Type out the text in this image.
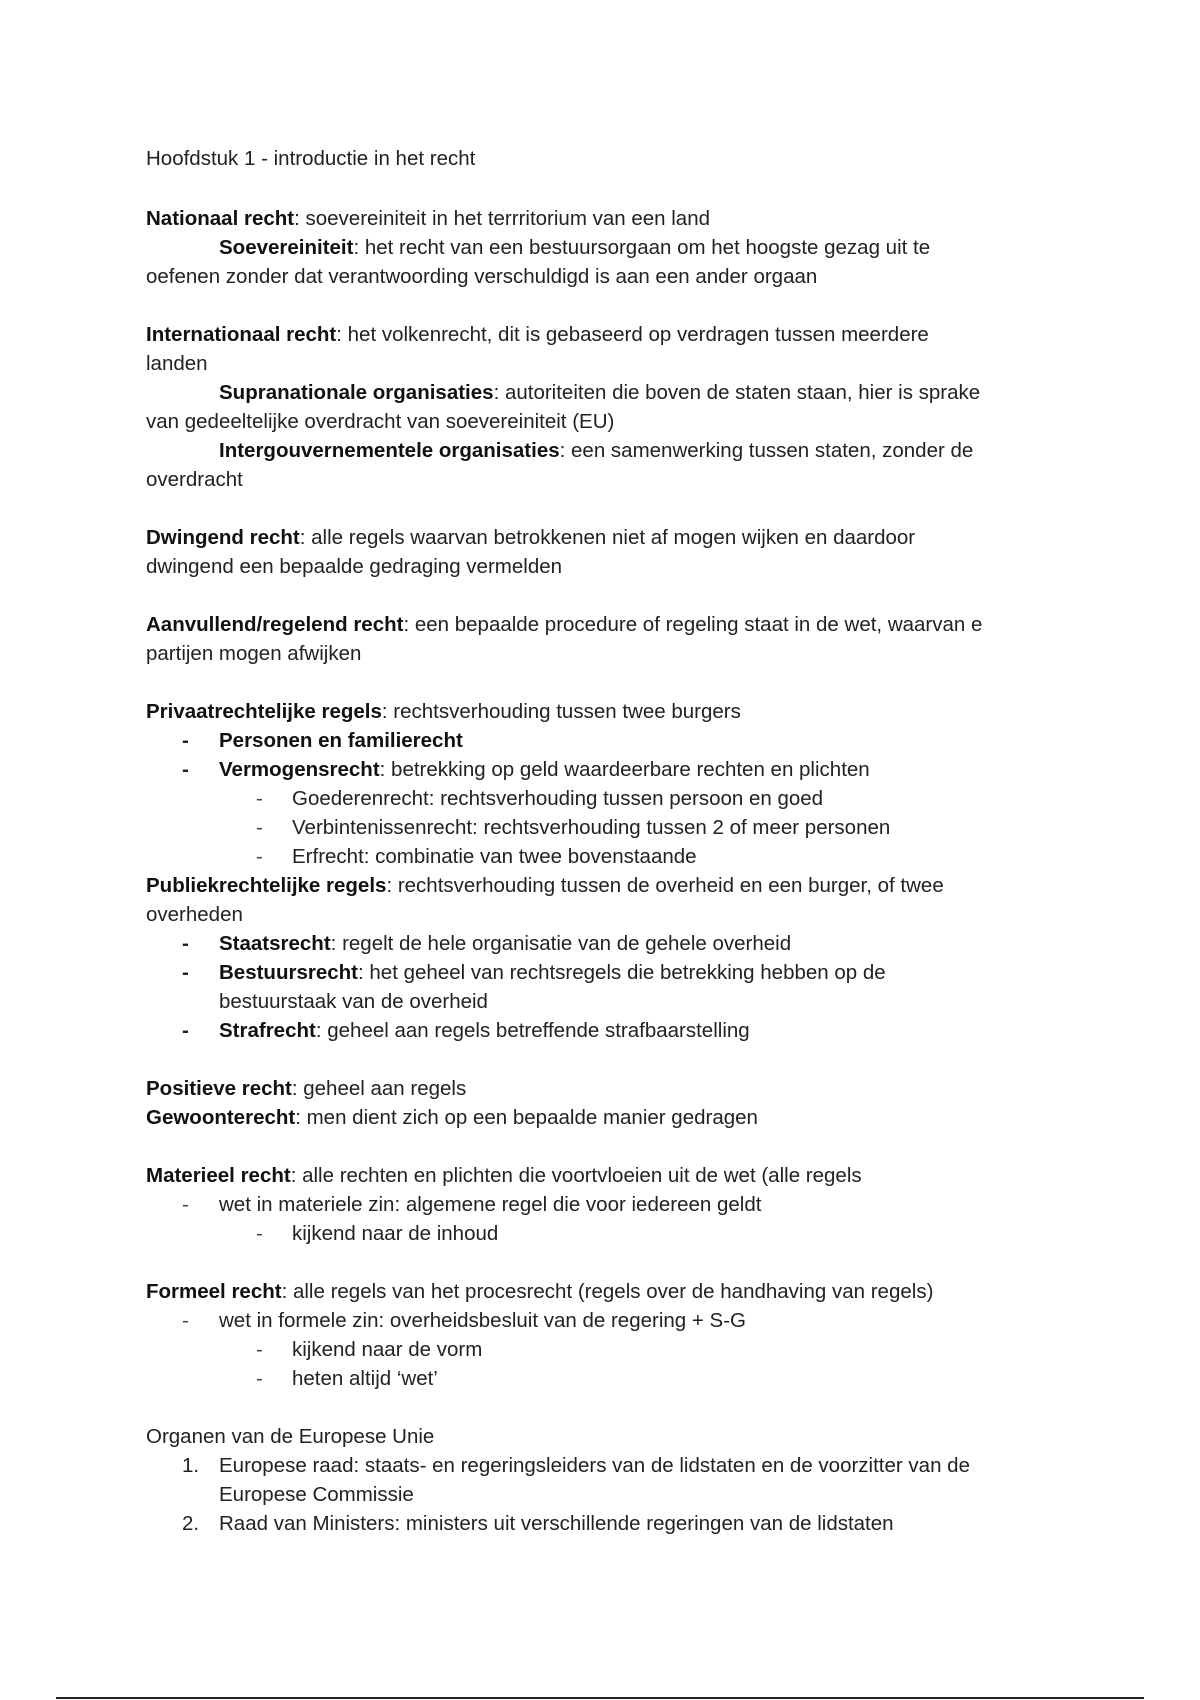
Hoofdstuk 1 - introductie in het recht
Nationaal recht: soevereiniteit in het terrritorium van een land
Soevereiniteit: het recht van een bestuursorgaan om het hoogste gezag uit te
oefenen zonder dat verantwoording verschuldigd is aan een ander orgaan
Internationaal recht: het volkenrecht, dit is gebaseerd op verdragen tussen meerdere
landen
Supranationale organisaties: autoriteiten die boven de staten staan, hier is sprake
van gedeeltelijke overdracht van soevereiniteit (EU)
Intergouvernementele organisaties: een samenwerking tussen staten, zonder de
overdracht
Dwingend recht: alle regels waarvan betrokkenen niet af mogen wijken en daardoor
dwingend een bepaalde gedraging vermelden
Aanvullend/regelend recht: een bepaalde procedure of regeling staat in de wet, waarvan e
partijen mogen afwijken
Privaatrechtelijke regels: rechtsverhouding tussen twee burgers
- Personen en familierecht
- Vermogensrecht: betrekking op geld waardeerbare rechten en plichten
- Goederenrecht: rechtsverhouding tussen persoon en goed
- Verbintenissenrecht: rechtsverhouding tussen 2 of meer personen
- Erfrecht: combinatie van twee bovenstaande
Publiekrechtelijke regels: rechtsverhouding tussen de overheid en een burger, of twee
overheden
- Staatsrecht: regelt de hele organisatie van de gehele overheid
- Bestuursrecht: het geheel van rechtsregels die betrekking hebben op de
bestuurstaak van de overheid
- Strafrecht: geheel aan regels betreffende strafbaarstelling
Positieve recht: geheel aan regels
Gewoonterecht: men dient zich op een bepaalde manier gedragen
Materieel recht: alle rechten en plichten die voortvloeien uit de wet (alle regels
- wet in materiele zin: algemene regel die voor iedereen geldt
- kijkend naar de inhoud
Formeel recht: alle regels van het procesrecht (regels over de handhaving van regels)
- wet in formele zin: overheidsbesluit van de regering + S-G
- kijkend naar de vorm
- heten altijd ‘wet’
Organen van de Europese Unie
1. Europese raad: staats- en regeringsleiders van de lidstaten en de voorzitter van de
Europese Commissie
2. Raad van Ministers: ministers uit verschillende regeringen van de lidstaten
